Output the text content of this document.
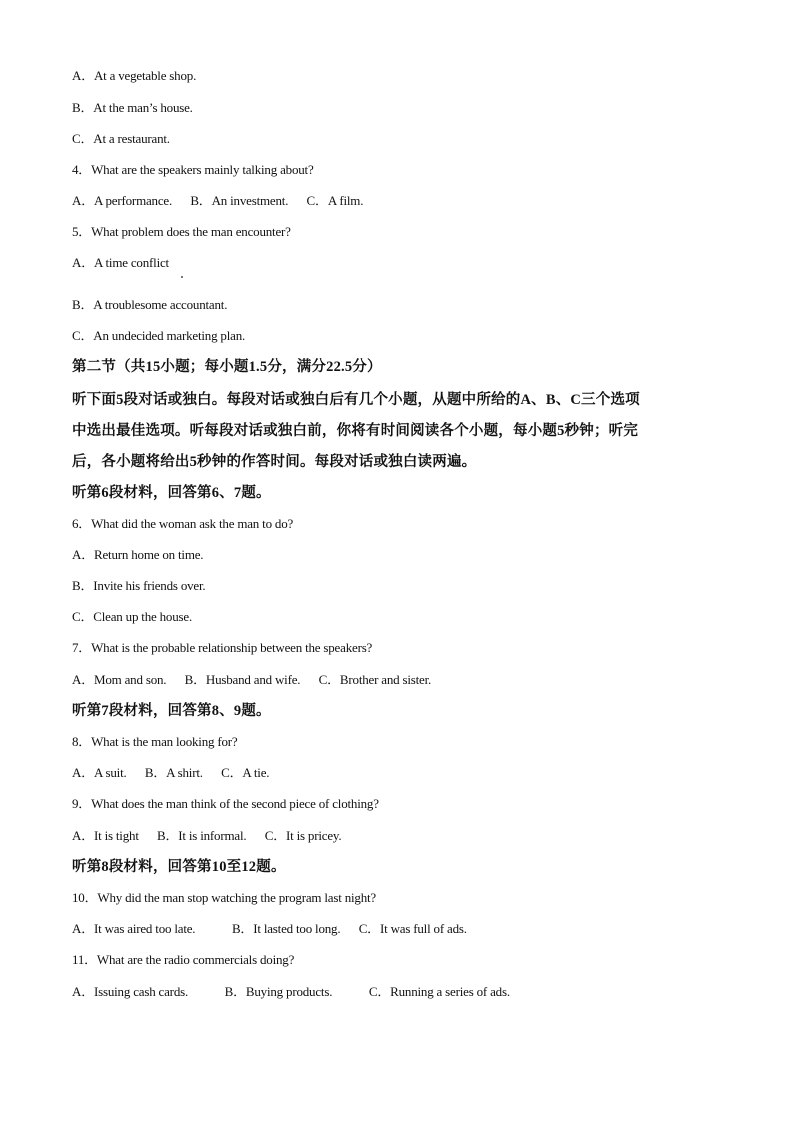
A．At a vegetable shop.
B．At the man’s house.
C．At a restaurant.
4．What are the speakers mainly talking about?
A．A performance.      B．An investment.      C．A film.
5．What problem does the man encounter?
A．A time conflict
B．A troublesome accountant.
C．An undecided marketing plan.
第二节（共15小题；每小题1.5分，满分22.5分）
听下面5段对话或独白。每段对话或独白后有几个小题，从题中所给的A、B、C三个选项
中选出最佳选项。听每段对话或独白前，你将有时间阅读各个小题，每小题5秒钟；听完
后，各小题将给出5秒钟的作答时间。每段对话或独白读两遍。
听第6段材料，回答第6、7题。
6．What did the woman ask the man to do?
A．Return home on time.
B．Invite his friends over.
C．Clean up the house.
7．What is the probable relationship between the speakers?
A．Mom and son.      B．Husband and wife.      C．Brother and sister.
听第7段材料，回答第8、9题。
8．What is the man looking for?
A．A suit.      B．A shirt.      C．A tie.
9．What does the man think of the second piece of clothing?
A．It is tight      B．It is informal.      C．It is pricey.
听第8段材料，回答第10至12题。
10．Why did the man stop watching the program last night?
A．It was aired too late.            B．It lasted too long.      C．It was full of ads.
11．What are the radio commercials doing?
A．Issuing cash cards.            B．Buying products.            C．Running a series of ads.
